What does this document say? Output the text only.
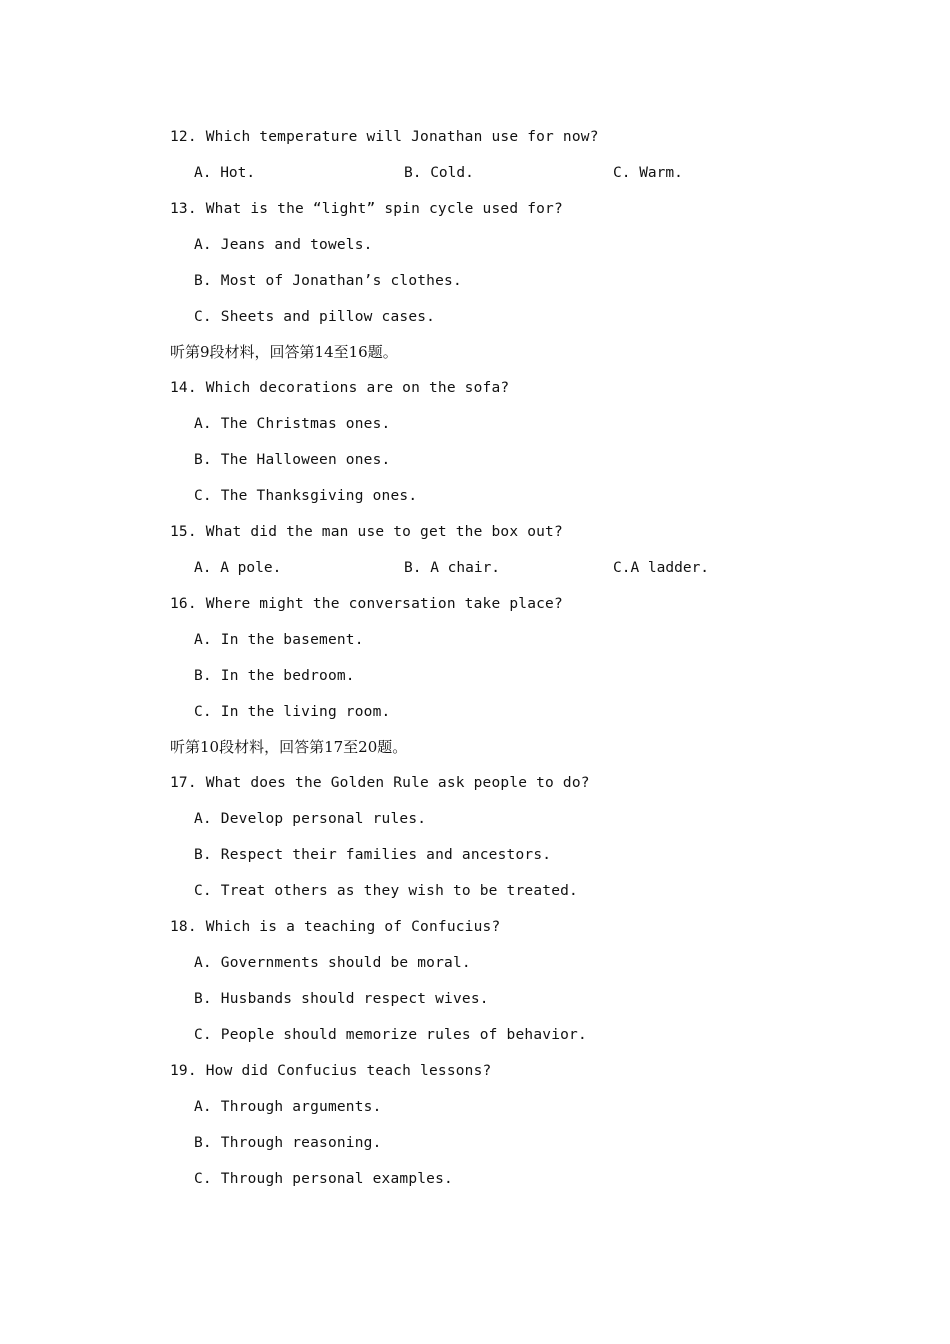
12. Which temperature will Jonathan use for now?

A. Hot.

	B. Cold.

	C. Warm.

13. What is the “light” spin cycle used for?
A. Jeans and towels.
B. Most of Jonathan’s clothes.
C. Sheets and pillow cases.
听第9段材料，回答第14至16题。
14. Which decorations are on the sofa?
A. The Christmas ones.
B. The Halloween ones.
C. The Thanksgiving ones.
15. What did the man use to get the box out?

A. A pole.

	B. A chair.

	C.A ladder.

16. Where might the conversation take place?
A. In the basement.
B. In the bedroom.
C. In the living room.
听第10段材料，回答第17至20题。
17. What does the Golden Rule ask people to do?
A. Develop personal rules.
B. Respect their families and ancestors.
C. Treat others as they wish to be treated.
18. Which is a teaching of Confucius?
A. Governments should be moral.
B. Husbands should respect wives.
C. People should memorize rules of behavior.
19. How did Confucius teach lessons?
A. Through arguments.
B. Through reasoning.
C. Through personal examples.
